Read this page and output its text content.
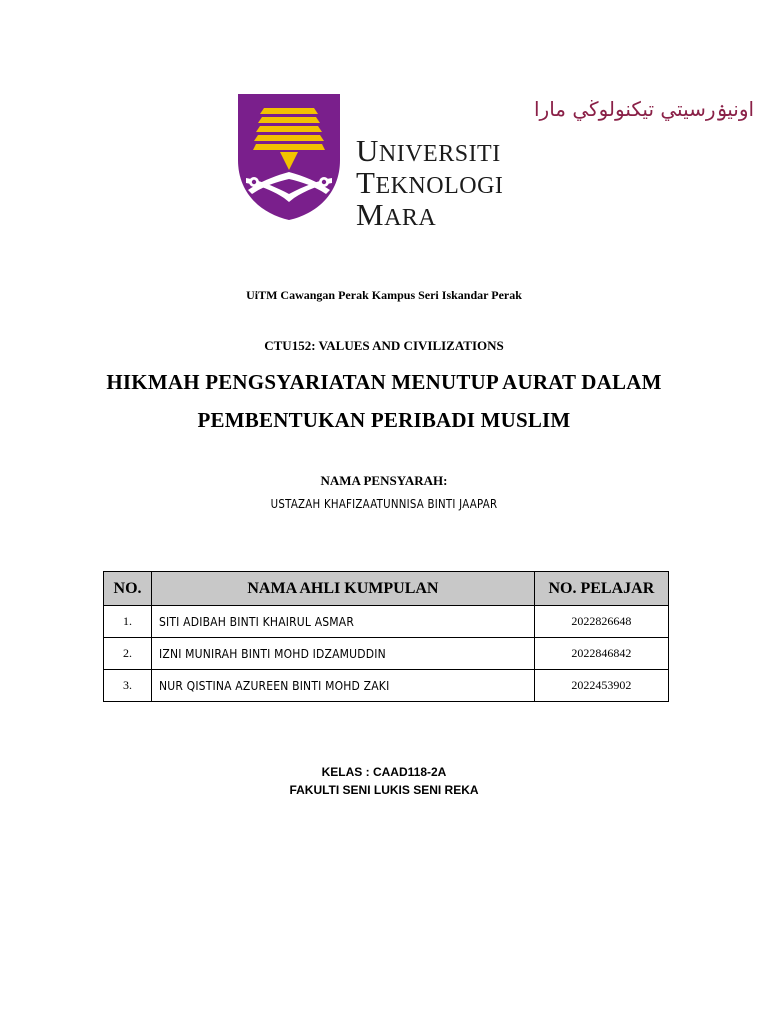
اونيۏرسيتي تيكنولوڬي مارا
UNIVERSITI
TEKNOLOGI
MARA
UiTM Cawangan Perak Kampus Seri Iskandar Perak
CTU152: VALUES AND CIVILIZATIONS
HIKMAH PENGSYARIATAN MENUTUP AURAT DALAM
PEMBENTUKAN PERIBADI MUSLIM
NAMA PENSYARAH:
USTAZAH KHAFIZAATUNNISA BINTI JAAPAR
NO.	NAMA AHLI KUMPULAN	NO. PELAJAR
1.	SITI ADIBAH BINTI KHAIRUL ASMAR	2022826648
2.	IZNI MUNIRAH BINTI MOHD IDZAMUDDIN	2022846842
3.	NUR QISTINA AZUREEN BINTI MOHD ZAKI	2022453902
KELAS : CAAD118-2A
FAKULTI SENI LUKIS SENI REKA
